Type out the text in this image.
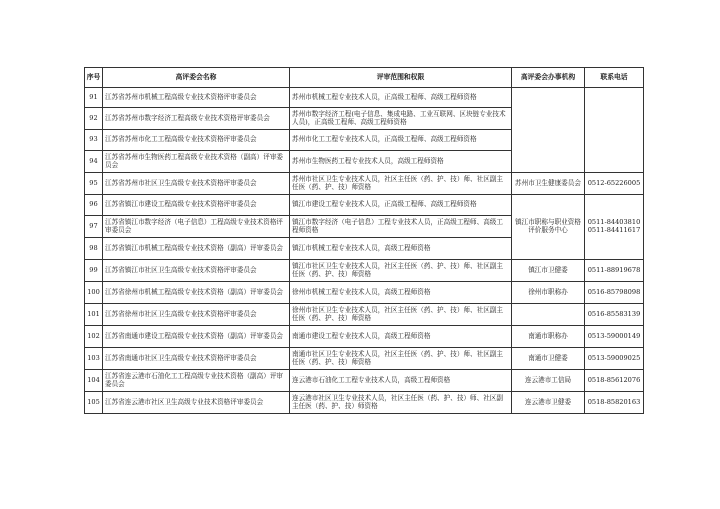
序号	高评委会名称	评审范围和权限	高评委会办事机构	联系电话
91	江苏省苏州市机械工程高级专业技术资格评审委员会	苏州市机械工程专业技术人员，正高级工程师、高级工程师资格		
92	江苏省苏州市数字经济工程高级专业技术资格评审委员会	苏州市数字经济工程(电子信息、集成电路、工业互联网、区块链专业技术人员)，正高级工程师、高级工程师资格		
93	江苏省苏州市化工工程高级专业技术资格评审委员会	苏州市化工工程专业技术人员，正高级工程师、高级工程师资格		
94	江苏省苏州市生物医药工程高级专业技术资格（副高）评审委员会	苏州市生物医药工程专业技术人员，高级工程师资格		
95	江苏省苏州市社区卫生高级专业技术资格评审委员会	苏州市社区卫生专业技术人员，社区主任医（药、护、技）师、社区副主任医（药、护、技）师资格	苏州市卫生健康委员会	0512-65226005
96	江苏省镇江市建设工程高级专业技术资格评审委员会	镇江市建设工程专业技术人员，正高级工程师、高级工程师资格	镇江市职称与职业资格评价服务中心	0511-84403810 0511-84411617
97	江苏省镇江市数字经济（电子信息）工程高级专业技术资格评审委员会	镇江市数字经济（电子信息）工程专业技术人员，正高级工程师、高级工程师资格		
98	江苏省镇江市机械工程高级专业技术资格（副高）评审委员会	镇江市机械工程专业技术人员，高级工程师资格		
99	江苏省镇江市社区卫生高级专业技术资格评审委员会	镇江市社区卫生专业技术人员，社区主任医（药、护、技）师、社区副主任医（药、护、技）师资格	镇江市卫健委	0511-88919678
100	江苏省徐州市机械工程高级专业技术资格（副高）评审委员会	徐州市机械工程专业技术人员，高级工程师资格	徐州市职称办	0516-85798098
101	江苏省徐州市社区卫生高级专业技术资格评审委员会	徐州市社区卫生专业技术人员，社区主任医（药、护、技）师、社区副主任医（药、护、技）师资格		0516-85583139
102	江苏省南通市建设工程高级专业技术资格（副高）评审委员会	南通市建设工程专业技术人员，高级工程师资格	南通市职称办	0513-59000149
103	江苏省南通市社区卫生高级专业技术资格评审委员会	南通市社区卫生专业技术人员，社区主任医（药、护、技）师、社区副主任医（药、护、技）师资格	南通市卫健委	0513-59009025
104	江苏省连云港市石油化工工程高级专业技术资格（副高）评审委员会	连云港市石油化工工程专业技术人员，高级工程师资格	连云港市工信局	0518-85612076
105	江苏省连云港市社区卫生高级专业技术资格评审委员会	连云港市社区卫生专业技术人员，社区主任医（药、护、技）师、社区副主任医（药、护、技）师资格	连云港市卫健委	0518-85820163
